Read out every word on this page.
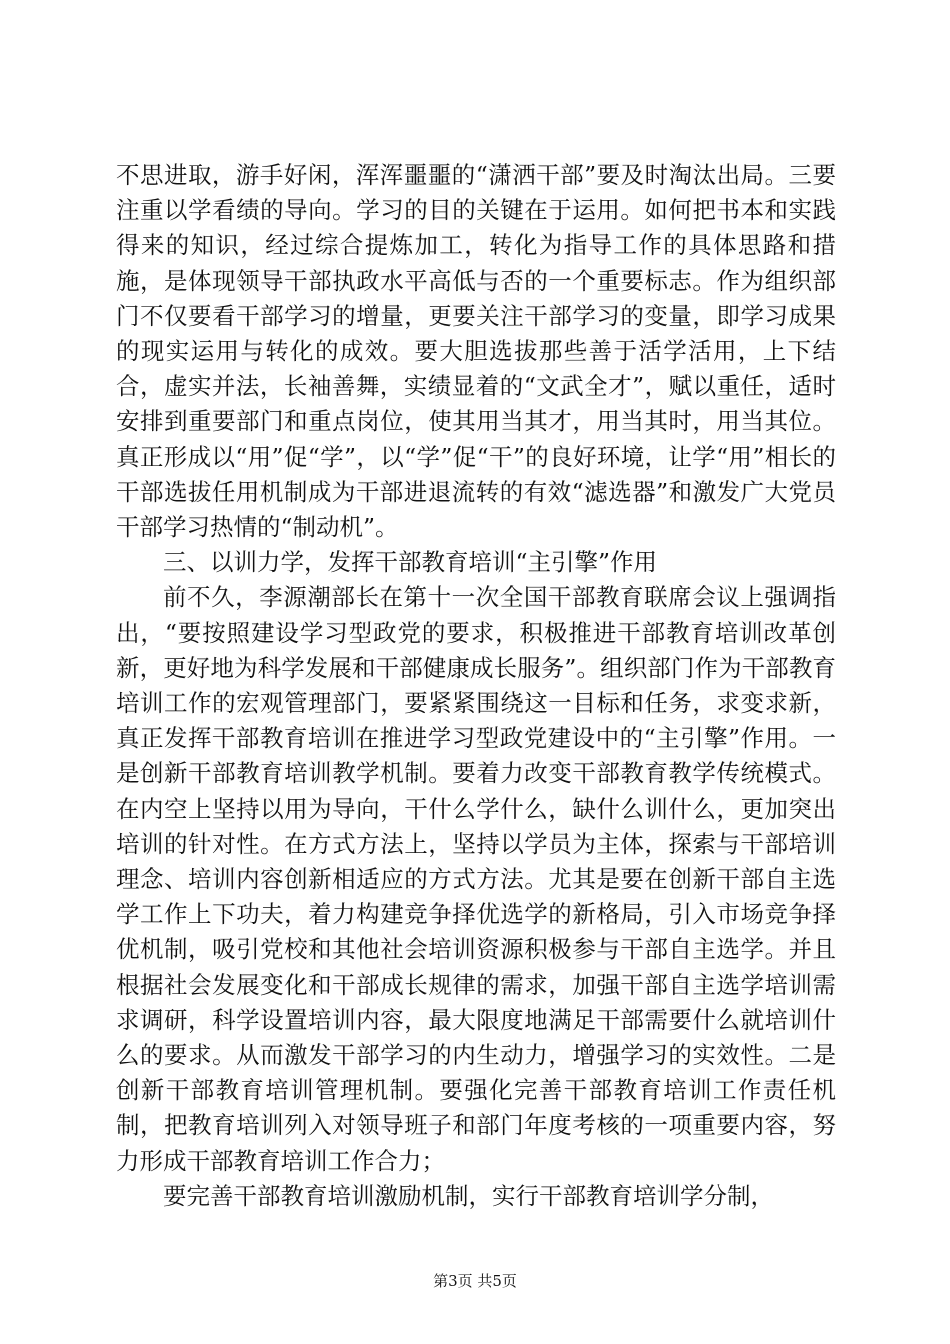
不思进取，游手好闲，浑浑噩噩的“潇洒干部”要及时淘汰出局。三要注重以学看绩的导向。学习的目的关键在于运用。如何把书本和实践得来的知识，经过综合提炼加工，转化为指导工作的具体思路和措施，是体现领导干部执政水平高低与否的一个重要标志。作为组织部门不仅要看干部学习的增量，更要关注干部学习的变量，即学习成果的现实运用与转化的成效。要大胆选拔那些善于活学活用，上下结合，虚实并法，长袖善舞，实绩显着的“文武全才”，赋以重任，适时安排到重要部门和重点岗位，使其用当其才，用当其时，用当其位。真正形成以“用”促“学”，以“学”促“干”的良好环境，让学“用”相长的干部选拔任用机制成为干部进退流转的有效“滤选器”和激发广大党员干部学习热情的“制动机”。

三、以训力学，发挥干部教育培训“主引擎”作用

前不久，李源潮部长在第十一次全国干部教育联席会议上强调指出，“要按照建设学习型政党的要求，积极推进干部教育培训改革创新，更好地为科学发展和干部健康成长服务”。组织部门作为干部教育培训工作的宏观管理部门，要紧紧围绕这一目标和任务，求变求新，真正发挥干部教育培训在推进学习型政党建设中的“主引擎”作用。一是创新干部教育培训教学机制。要着力改变干部教育教学传统模式。在内空上坚持以用为导向，干什么学什么，缺什么训什么，更加突出培训的针对性。在方式方法上，坚持以学员为主体，探索与干部培训理念、培训内容创新相适应的方式方法。尤其是要在创新干部自主选学工作上下功夫，着力构建竞争择优选学的新格局，引入市场竞争择优机制，吸引党校和其他社会培训资源积极参与干部自主选学。并且根据社会发展变化和干部成长规律的需求，加强干部自主选学培训需求调研，科学设置培训内容，最大限度地满足干部需要什么就培训什么的要求。从而激发干部学习的内生动力，增强学习的实效性。二是创新干部教育培训管理机制。要强化完善干部教育培训工作责任机制，把教育培训列入对领导班子和部门年度考核的一项重要内容，努力形成干部教育培训工作合力；

要完善干部教育培训激励机制，实行干部教育培训学分制，

第3页 共5页
